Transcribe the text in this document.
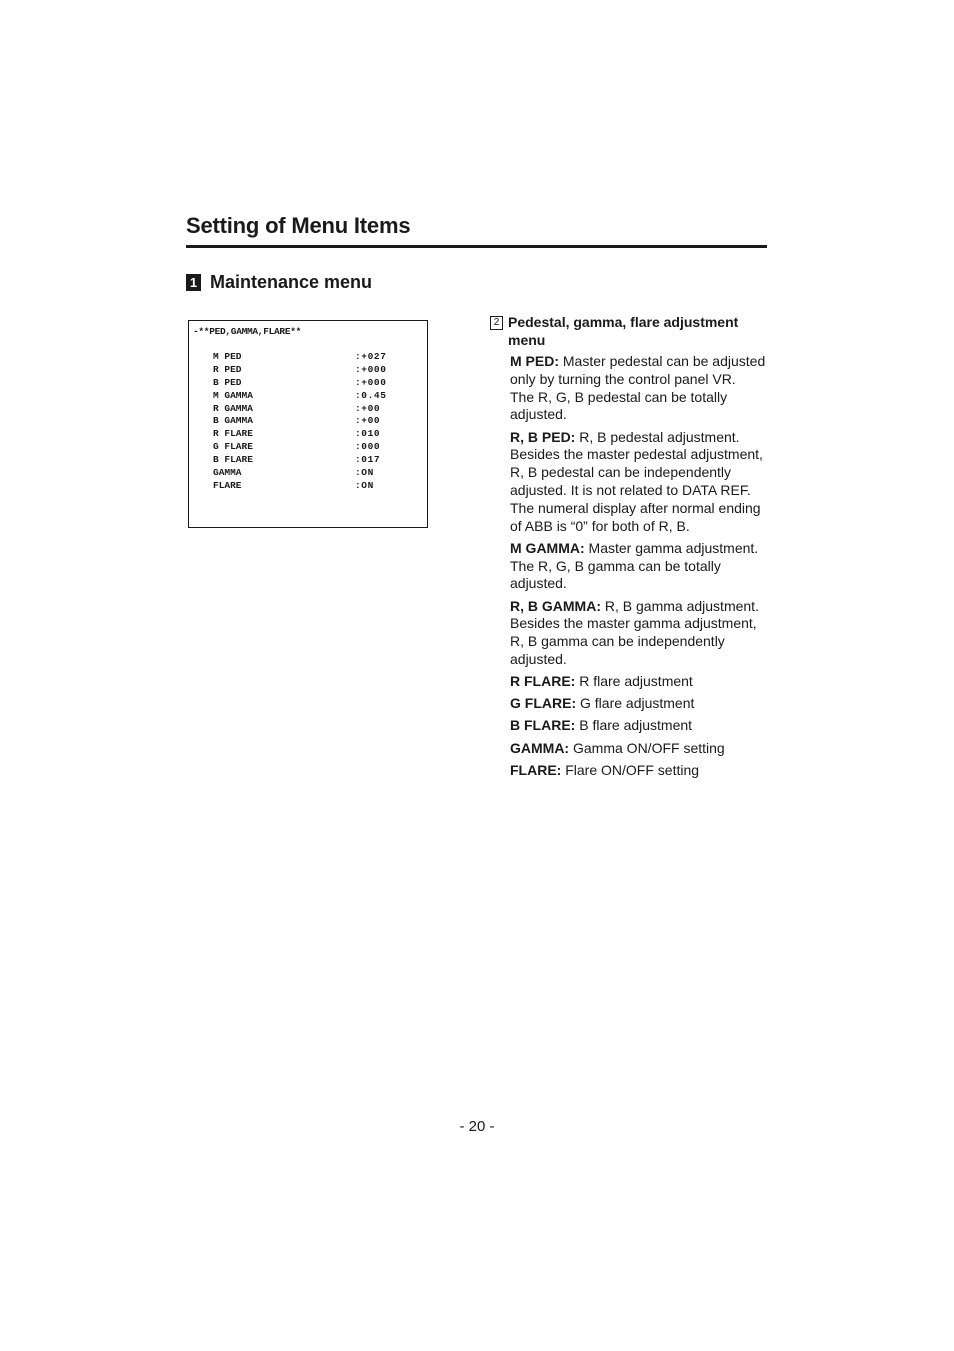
Setting of Menu Items
1 Maintenance menu
-**PED,GAMMA,FLARE**
M PED	:+027
R PED	:+000
B PED	:+000
M GAMMA	:0.45
R GAMMA	:+00
B GAMMA	:+00
R FLARE	:010
G FLARE	:000
B FLARE	:017
GAMMA	:ON
FLARE	:ON
2 Pedestal, gamma, flare adjustment menu
M PED: Master pedestal can be adjusted only by turning the control panel VR.
The R, G, B pedestal can be totally adjusted.
R, B PED: R, B pedestal adjustment. Besides the master pedestal adjustment, R, B pedestal can be independently adjusted. It is not related to DATA REF. The numeral display after normal ending of ABB is “0” for both of R, B.
M GAMMA: Master gamma adjustment.
The R, G, B gamma can be totally adjusted.
R, B GAMMA: R, B gamma adjustment. Besides the master gamma adjustment, R, B gamma can be independently adjusted.
R FLARE: R flare adjustment
G FLARE: G flare adjustment
B FLARE: B flare adjustment
GAMMA: Gamma ON/OFF setting
FLARE: Flare ON/OFF setting
- 20 -
